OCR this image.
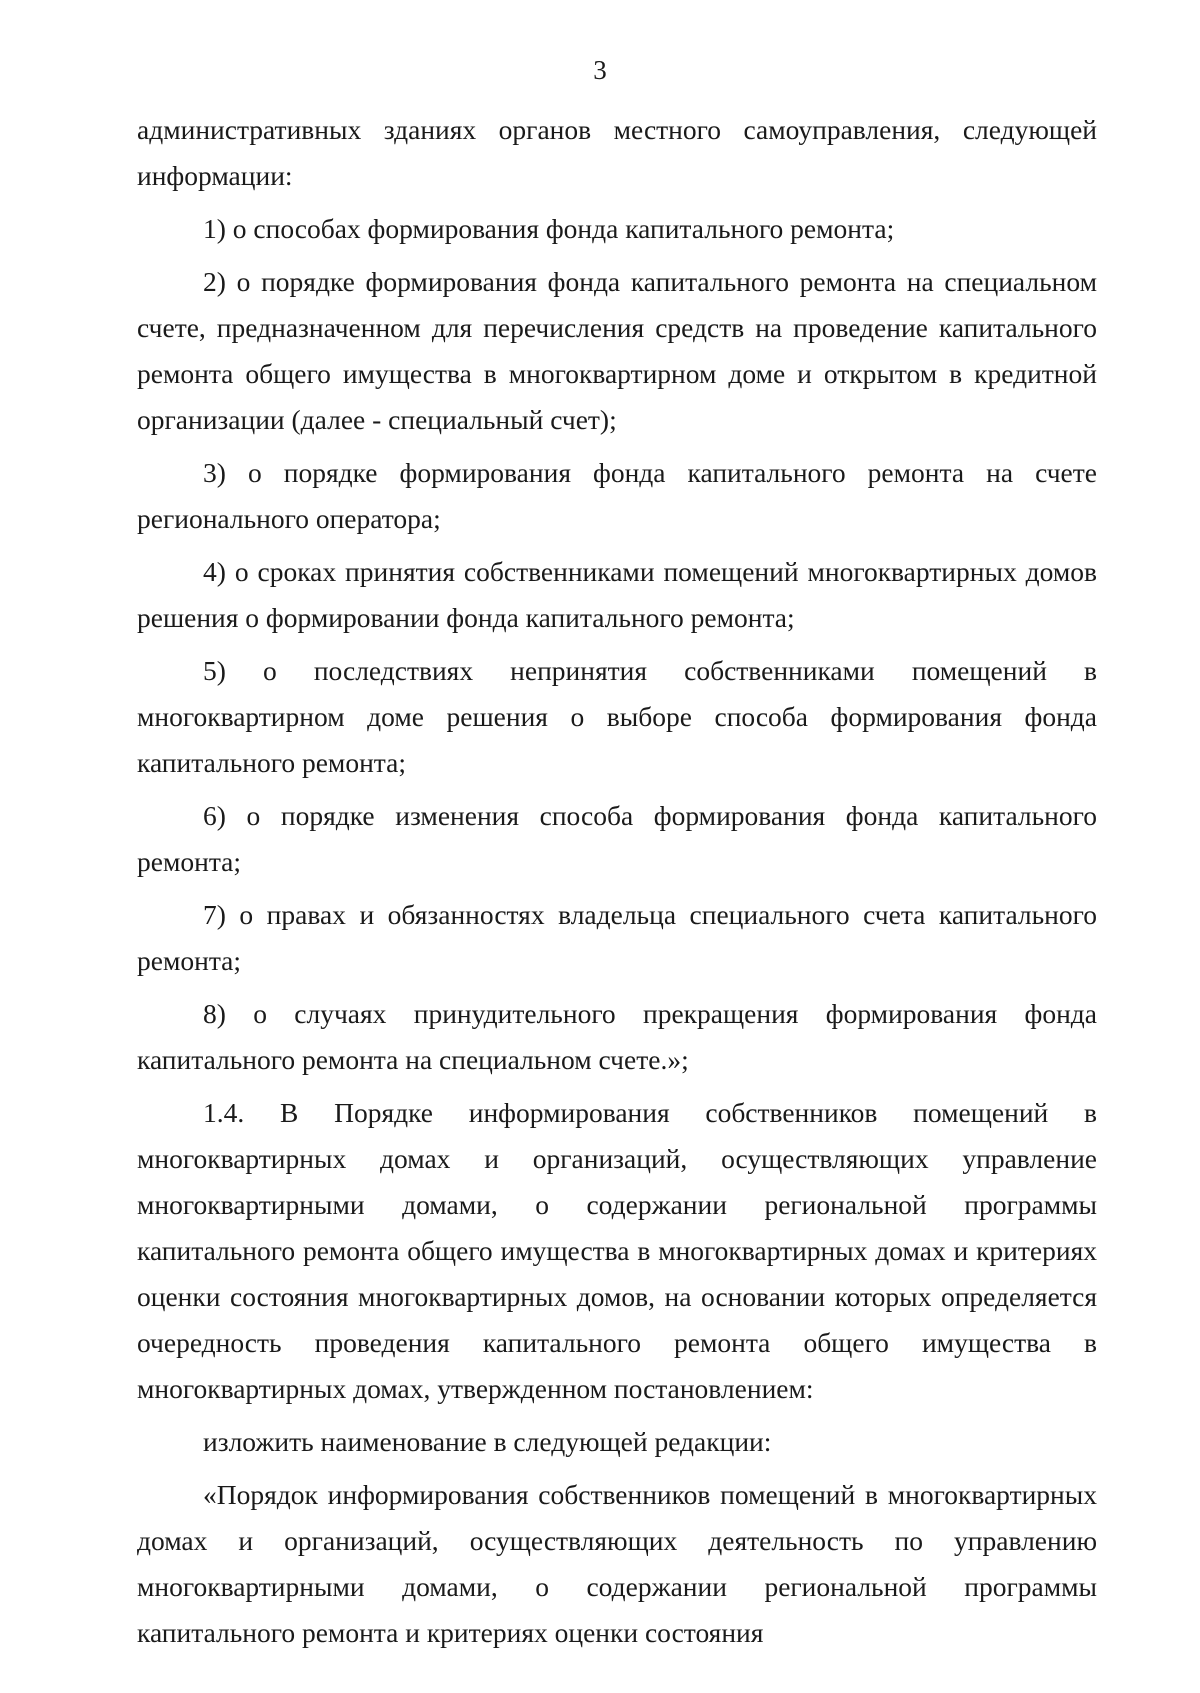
3

административных зданиях органов местного самоуправления, следующей информации:

1) о способах формирования фонда капитального ремонта;

2) о порядке формирования фонда капитального ремонта на специальном счете, предназначенном для перечисления средств на проведение капитального ремонта общего имущества в многоквартирном доме и открытом в кредитной организации (далее - специальный счет);

3) о порядке формирования фонда капитального ремонта на счете регионального оператора;

4) о сроках принятия собственниками помещений многоквартирных домов решения о формировании фонда капитального ремонта;

5) о последствиях непринятия собственниками помещений в многоквартирном доме решения о выборе способа формирования фонда капитального ремонта;

6) о порядке изменения способа формирования фонда капитального ремонта;

7) о правах и обязанностях владельца специального счета капитального ремонта;

8) о случаях принудительного прекращения формирования фонда капитального ремонта на специальном счете.»;

1.4. В Порядке информирования собственников помещений в многоквартирных домах и организаций, осуществляющих управление многоквартирными домами, о содержании региональной программы капитального ремонта общего имущества в многоквартирных домах и критериях оценки состояния многоквартирных домов, на основании которых определяется очередность проведения капитального ремонта общего имущества в многоквартирных домах, утвержденном постановлением:

изложить наименование в следующей редакции:

«Порядок информирования собственников помещений в многоквартирных домах и организаций, осуществляющих деятельность по управлению многоквартирными домами, о содержании региональной программы капитального ремонта и критериях оценки состояния
